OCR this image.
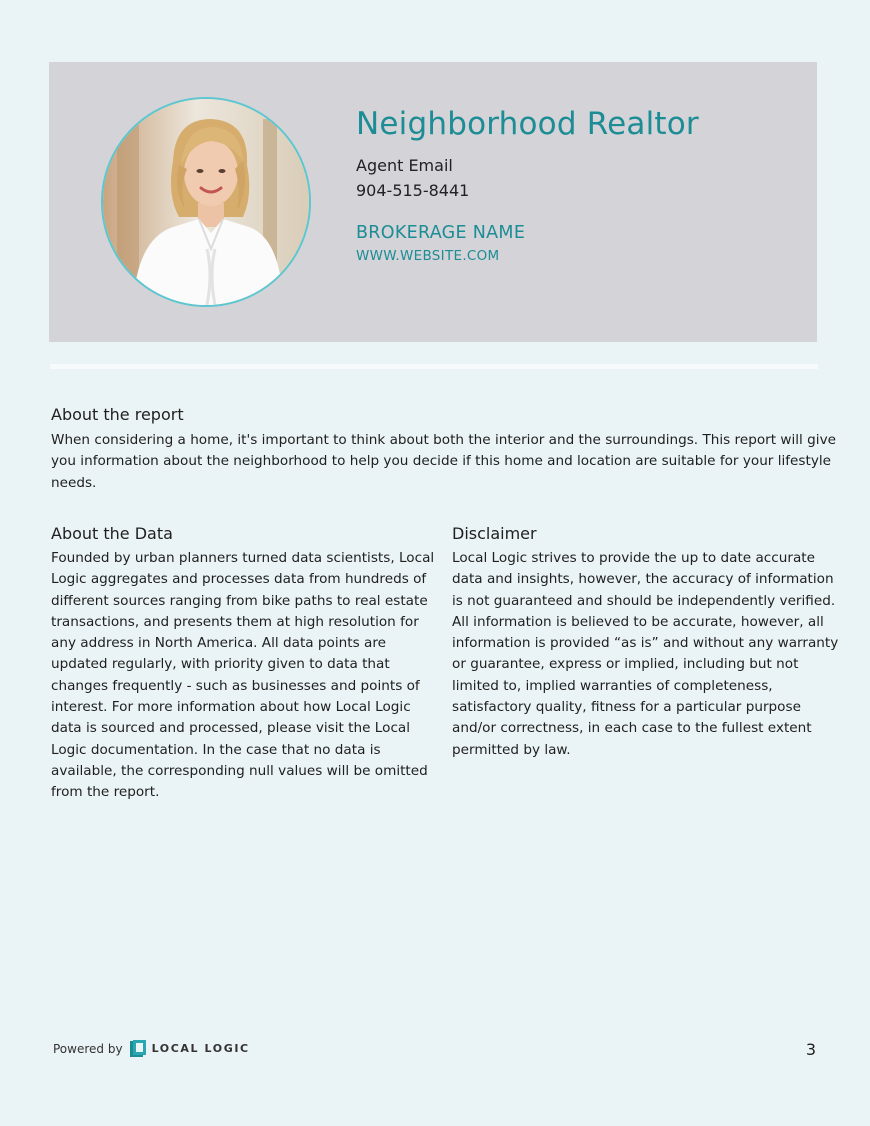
Neighborhood Realtor
Agent Email
904-515-8441
BROKERAGE NAME
WWW.WEBSITE.COM
About the report
When considering a home, it's important to think about both the interior and the surroundings. This report will give you information about the neighborhood to help you decide if this home and location are suitable for your lifestyle needs.
About the Data
Founded by urban planners turned data scientists, Local Logic aggregates and processes data from hundreds of different sources ranging from bike paths to real estate transactions, and presents them at high resolution for any address in North America. All data points are updated regularly, with priority given to data that changes frequently - such as businesses and points of interest. For more information about how Local Logic data is sourced and processed, please visit the Local Logic documentation. In the case that no data is available, the corresponding null values will be omitted from the report.
Disclaimer
Local Logic strives to provide the up to date accurate data and insights, however, the accuracy of information is not guaranteed and should be independently verified. All information is believed to be accurate, however, all information is provided “as is” and without any warranty or guarantee, express or implied, including but not limited to, implied warranties of completeness, satisfactory quality, fitness for a particular purpose and/or correctness, in each case to the fullest extent permitted by law.
Powered by	LOCAL LOGIC	3
